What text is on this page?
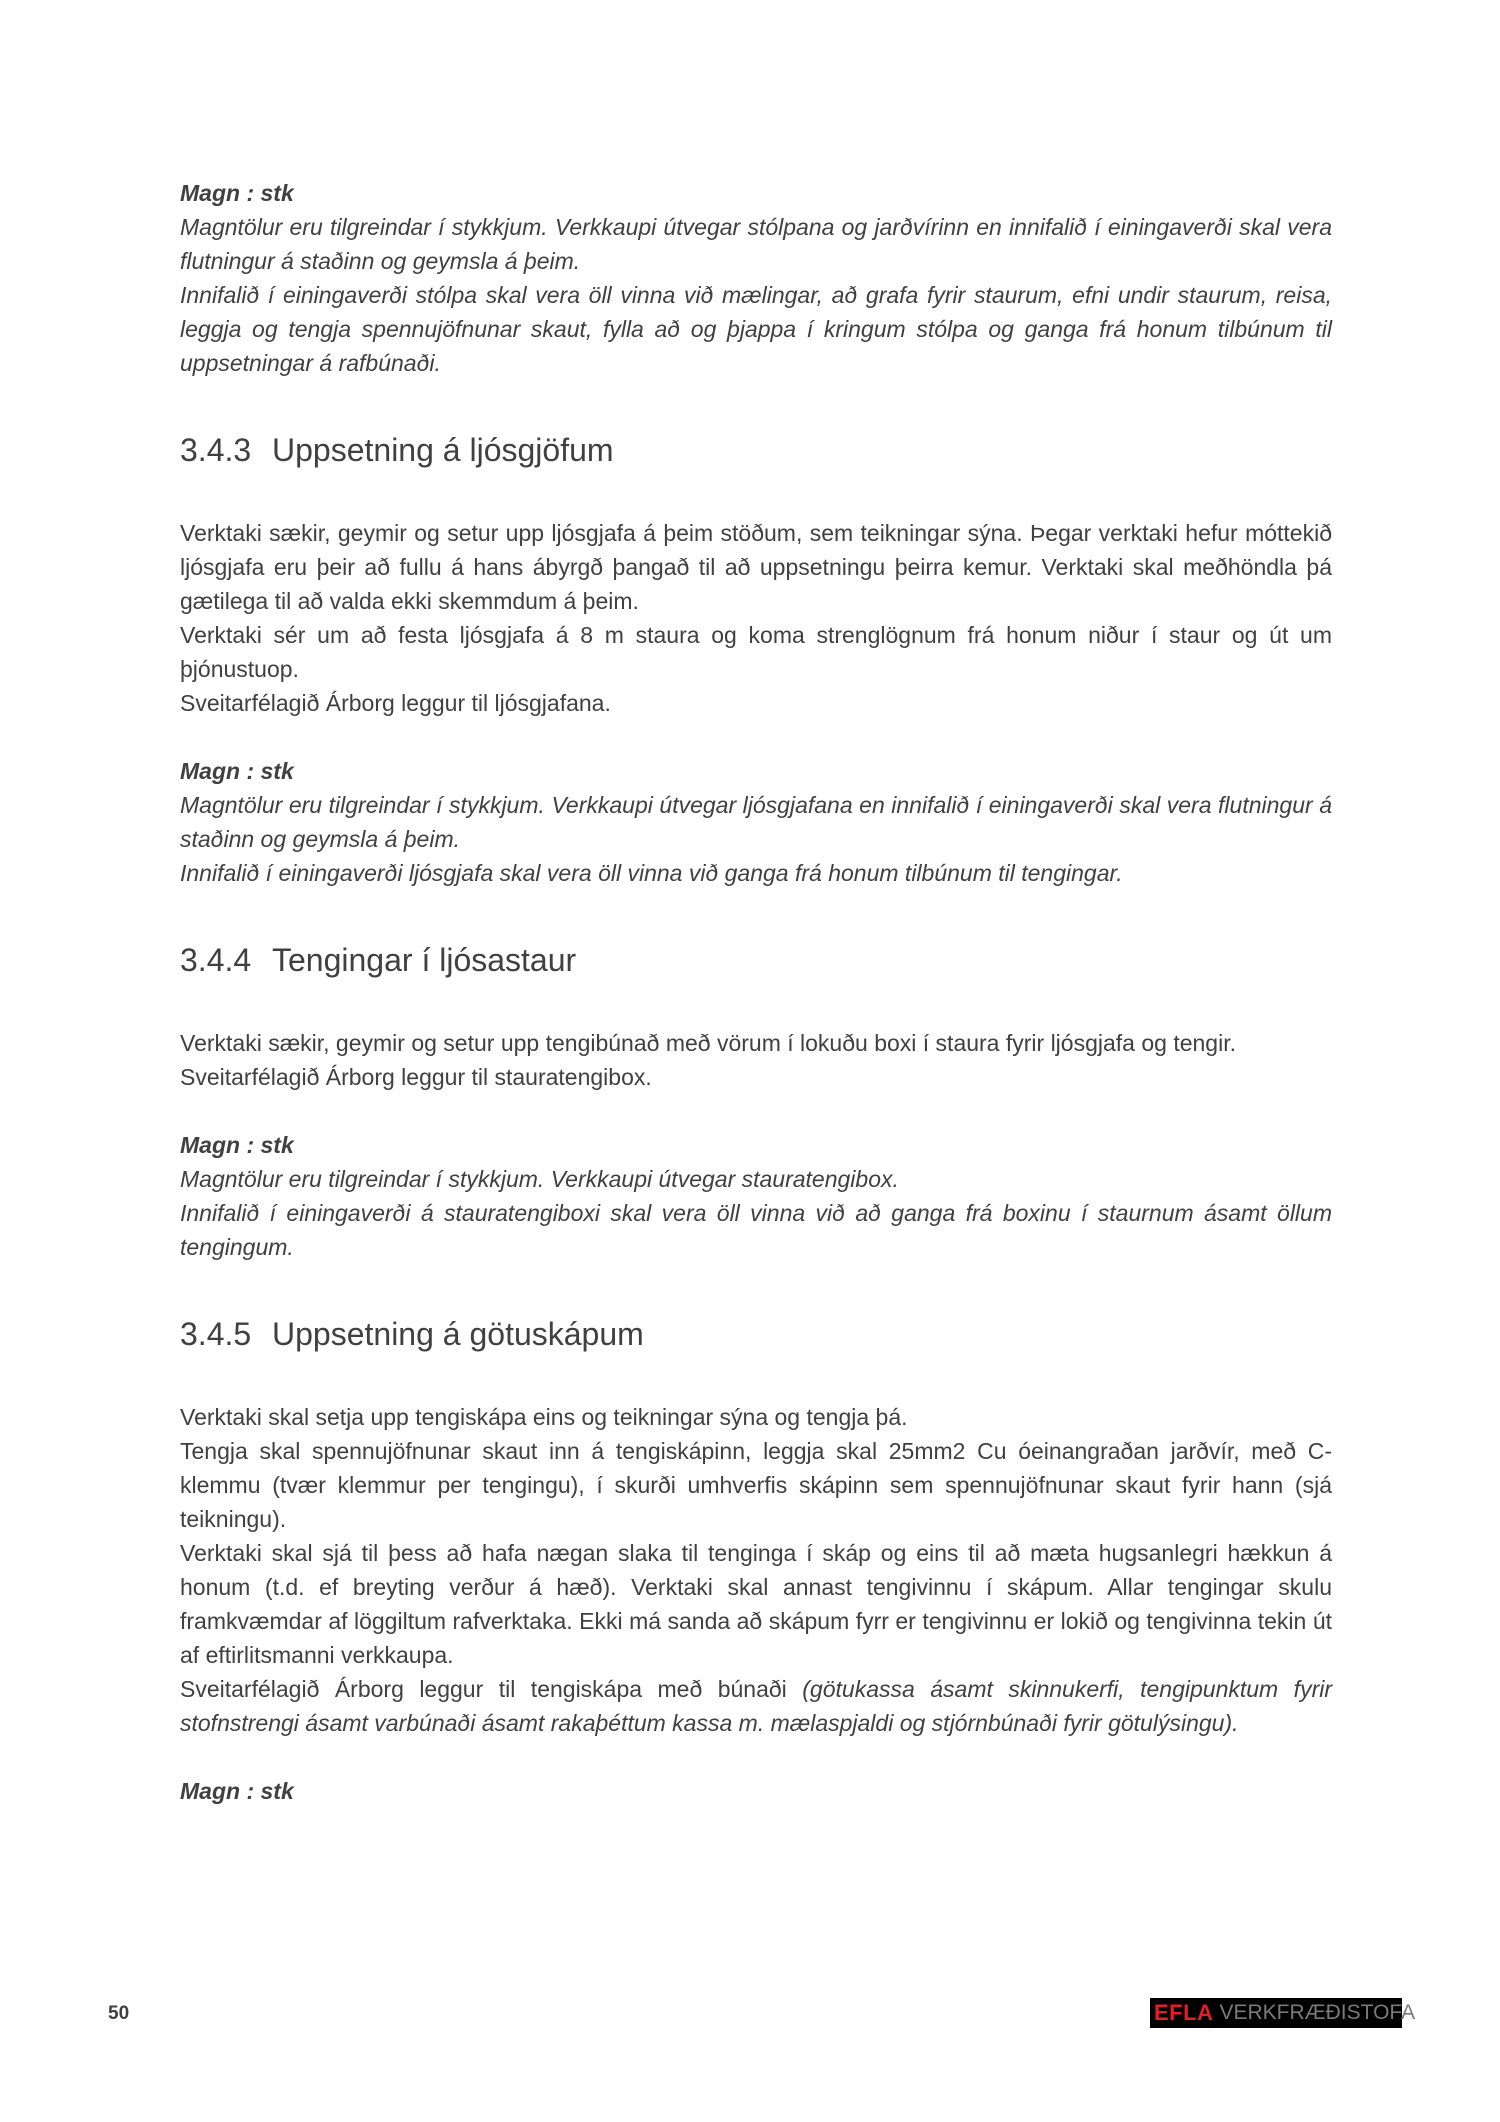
Magn : stk

Magntölur eru tilgreindar í stykkjum. Verkkaupi útvegar stólpana og jarðvírinn en innifalið í einingaverði skal vera flutningur á staðinn og geymsla á þeim.

Innifalið í einingaverði stólpa skal vera öll vinna við mælingar, að grafa fyrir staurum, efni undir staurum, reisa, leggja og tengja spennujöfnunar skaut, fylla að og þjappa í kringum stólpa og ganga frá honum tilbúnum til uppsetningar á rafbúnaði.

3.4.3 Uppsetning á ljósgjöfum

Verktaki sækir, geymir og setur upp ljósgjafa á þeim stöðum, sem teikningar sýna. Þegar verktaki hefur móttekið ljósgjafa eru þeir að fullu á hans ábyrgð þangað til að uppsetningu þeirra kemur. Verktaki skal meðhöndla þá gætilega til að valda ekki skemmdum á þeim.

Verktaki sér um að festa ljósgjafa á 8 m staura og koma strenglögnum frá honum niður í staur og út um þjónustuop.

Sveitarfélagið Árborg leggur til ljósgjafana.

Magn : stk

Magntölur eru tilgreindar í stykkjum. Verkkaupi útvegar ljósgjafana en innifalið í einingaverði skal vera flutningur á staðinn og geymsla á þeim.

Innifalið í einingaverði ljósgjafa skal vera öll vinna við ganga frá honum tilbúnum til tengingar.

3.4.4 Tengingar í ljósastaur

Verktaki sækir, geymir og setur upp tengibúnað með vörum í lokuðu boxi í staura fyrir ljósgjafa og tengir.

Sveitarfélagið Árborg leggur til stauratengibox.

Magn : stk

Magntölur eru tilgreindar í stykkjum. Verkkaupi útvegar stauratengibox.

Innifalið í einingaverði á stauratengiboxi skal vera öll vinna við að ganga frá boxinu í staurnum ásamt öllum tengingum.

3.4.5 Uppsetning á götuskápum

Verktaki skal setja upp tengiskápa eins og teikningar sýna og tengja þá.

Tengja skal spennujöfnunar skaut inn á tengiskápinn, leggja skal 25mm2 Cu óeinangraðan jarðvír, með C-klemmu (tvær klemmur per tengingu), í skurði umhverfis skápinn sem spennujöfnunar skaut fyrir hann (sjá teikningu).

Verktaki skal sjá til þess að hafa nægan slaka til tenginga í skáp og eins til að mæta hugsanlegri hækkun á honum (t.d. ef breyting verður á hæð). Verktaki skal annast tengivinnu í skápum. Allar tengingar skulu framkvæmdar af löggiltum rafverktaka. Ekki má sanda að skápum fyrr er tengivinnu er lokið og tengivinna tekin út af eftirlitsmanni verkkaupa.

Sveitarfélagið Árborg leggur til tengiskápa með búnaði (götukassa ásamt skinnukerfi, tengipunktum fyrir stofnstrengi ásamt varbúnaði ásamt rakaþéttum kassa m. mælaspjaldi og stjórnbúnaði fyrir götulýsingu).

Magn : stk

50	EFLA VERKFRÆÐISTOFA
